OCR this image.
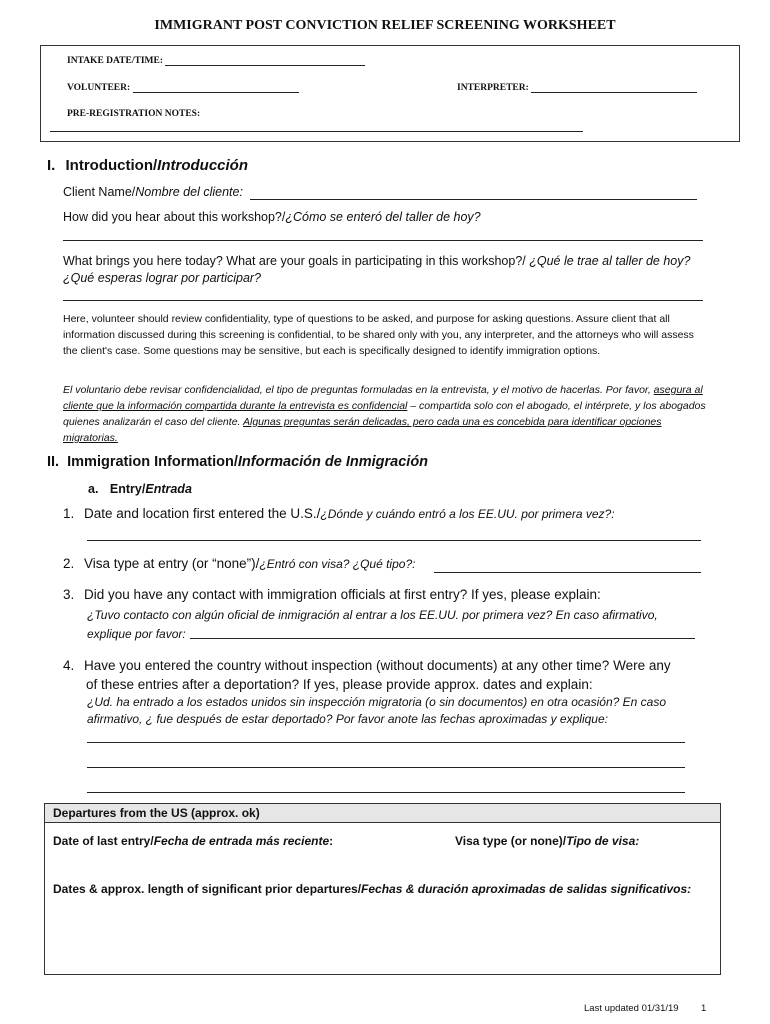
IMMIGRANT POST CONVICTION RELIEF SCREENING WORKSHEET
INTAKE DATE/TIME:
VOLUNTEER:	INTERPRETER:
PRE-REGISTRATION NOTES:
I. Introduction/Introducción
Client Name/Nombre del cliente:
How did you hear about this workshop?/¿Cómo se enteró del taller de hoy?
What brings you here today? What are your goals in participating in this workshop?/ ¿Qué le trae al taller de hoy?
¿Qué esperas lograr por participar?
Here, volunteer should review confidentiality, type of questions to be asked, and purpose for asking questions. Assure client that all information discussed during this screening is confidential, to be shared only with you, any interpreter, and the attorneys who will assess the client's case. Some questions may be sensitive, but each is specifically designed to identify immigration options.
El voluntario debe revisar confidencialidad, el tipo de preguntas formuladas en la entrevista, y el motivo de hacerlas. Por favor, asegura al cliente que la información compartida durante la entrevista es confidencial – compartida solo con el abogado, el intérprete, y los abogados quienes analizarán el caso del cliente. Algunas preguntas serán delicadas, pero cada una es concebida para identificar opciones migratorias.
II. Immigration Information/Información de Inmigración
a. Entry/Entrada
1. Date and location first entered the U.S./¿Dónde y cuándo entró a los EE.UU. por primera vez?:
2. Visa type at entry (or “none”)/¿Entró con visa? ¿Qué tipo?:
3. Did you have any contact with immigration officials at first entry? If yes, please explain:
¿Tuvo contacto con algún oficial de inmigración al entrar a los EE.UU. por primera vez? En caso afirmativo,
explique por favor:
4. Have you entered the country without inspection (without documents) at any other time? Were any
of these entries after a deportation? If yes, please provide approx. dates and explain:
¿Ud. ha entrado a los estados unidos sin inspección migratoria (o sin documentos) en otra ocasión? En caso
afirmativo, ¿ fue después de estar deportado? Por favor anote las fechas aproximadas y explique:
Departures from the US (approx. ok)
Date of last entry/Fecha de entrada más reciente:	Visa type (or none)/Tipo de visa:
Dates & approx. length of significant prior departures/Fechas & duración aproximadas de salidas significativos:
Last updated 01/31/19 1
